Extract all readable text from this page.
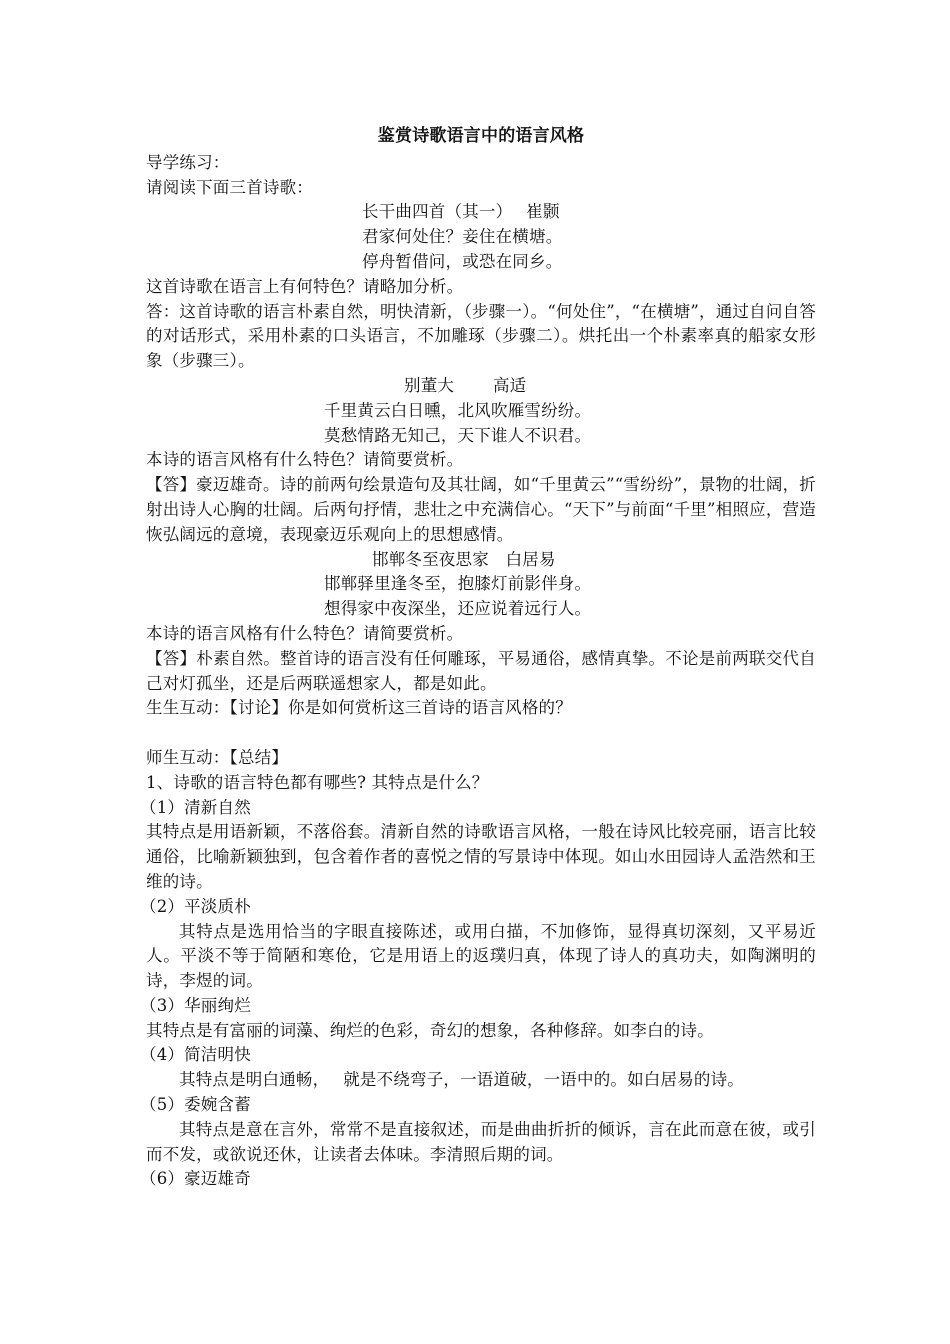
鉴赏诗歌语言中的语言风格

导学练习：

请阅读下面三首诗歌：

长干曲四首（其一）　 崔颢

君家何处住？妾住在横塘。

停舟暂借问，或恐在同乡。

这首诗歌在语言上有何特色？请略加分析。

答：这首诗歌的语言朴素自然，明快清新，（步骤一）。“何处住”，“在横塘”，通过自问自答的对话形式，采用朴素的口头语言，不加雕琢（步骤二）。烘托出一个朴素率真的船家女形象（步骤三）。

别董大　　 高适

千里黄云白日曛，北风吹雁雪纷纷。

莫愁情路无知己，天下谁人不识君。

本诗的语言风格有什么特色？请简要赏析。

【答】豪迈雄奇。诗的前两句绘景造句及其壮阔，如“千里黄云”“雪纷纷”，景物的壮阔，折射出诗人心胸的壮阔。后两句抒情，悲壮之中充满信心。“天下”与前面“千里”相照应，营造恢弘阔远的意境，表现豪迈乐观向上的思想感情。

邯郸冬至夜思家　白居易

邯郸驿里逢冬至，抱膝灯前影伴身。

想得家中夜深坐，还应说着远行人。

本诗的语言风格有什么特色？请简要赏析。

【答】朴素自然。整首诗的语言没有任何雕琢，平易通俗，感情真挚。不论是前两联交代自己对灯孤坐，还是后两联遥想家人，都是如此。

生生互动：【讨论】你是如何赏析这三首诗的语言风格的？

师生互动：【总结】

1、诗歌的语言特色都有哪些? 其特点是什么？

（1）清新自然

其特点是用语新颖，不落俗套。清新自然的诗歌语言风格，一般在诗风比较亮丽，语言比较通俗，比喻新颖独到，包含着作者的喜悦之情的写景诗中体现。如山水田园诗人孟浩然和王维的诗。

（2）平淡质朴

其特点是选用恰当的字眼直接陈述，或用白描，不加修饰，显得真切深刻，又平易近人。平淡不等于简陋和寒伧，它是用语上的返璞归真，体现了诗人的真功夫，如陶渊明的诗，李煜的词。

（3）华丽绚烂

其特点是有富丽的词藻、绚烂的色彩，奇幻的想象，各种修辞。如李白的诗。

（4）简洁明快

其特点是明白通畅，　 就是不绕弯子，一语道破，一语中的。如白居易的诗。

（5）委婉含蓄

其特点是意在言外，常常不是直接叙述，而是曲曲折折的倾诉，言在此而意在彼，或引而不发，或欲说还休，让读者去体味。李清照后期的词。

（6）豪迈雄奇
